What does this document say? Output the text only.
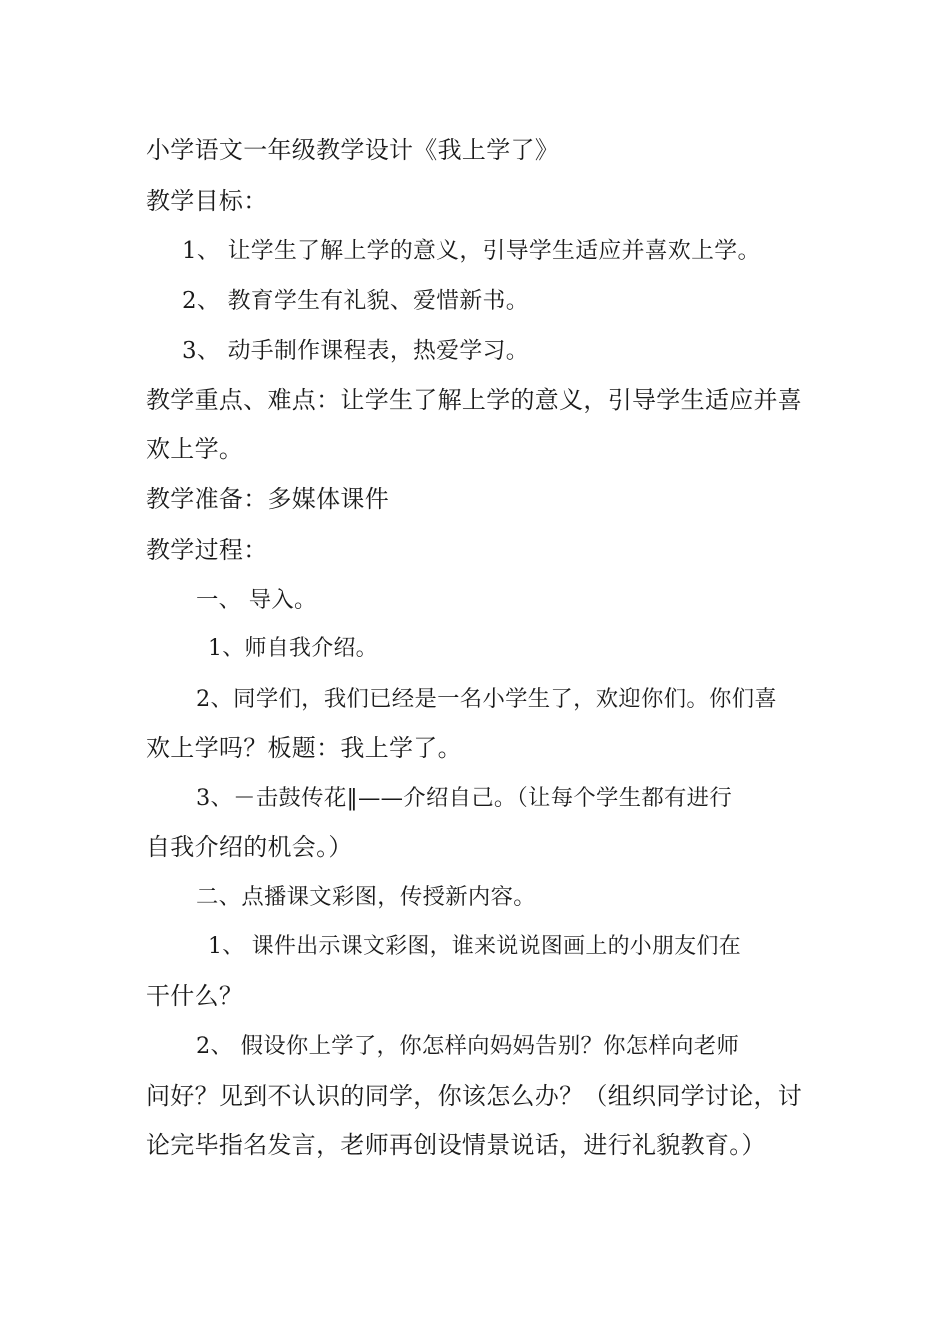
小学语文一年级教学设计《我上学了》
教学目标：
1、 让学生了解上学的意义，引导学生适应并喜欢上学。
2、 教育学生有礼貌、爱惜新书。
3、 动手制作课程表，热爱学习。
教学重点、难点：让学生了解上学的意义，引导学生适应并喜
欢上学。
教学准备：多媒体课件
教学过程：
一、 导入。
1、师自我介绍。
2、同学们，我们已经是一名小学生了，欢迎你们。你们喜
欢上学吗？板题：我上学了。
3、－击鼓传花‖——介绍自己。（让每个学生都有进行
自我介绍的机会。）
二、点播课文彩图，传授新内容。
1、 课件出示课文彩图，谁来说说图画上的小朋友们在
干什么？
2、 假设你上学了，你怎样向妈妈告别？你怎样向老师
问好？见到不认识的同学，你该怎么办？（组织同学讨论，讨
论完毕指名发言，老师再创设情景说话，进行礼貌教育。）
